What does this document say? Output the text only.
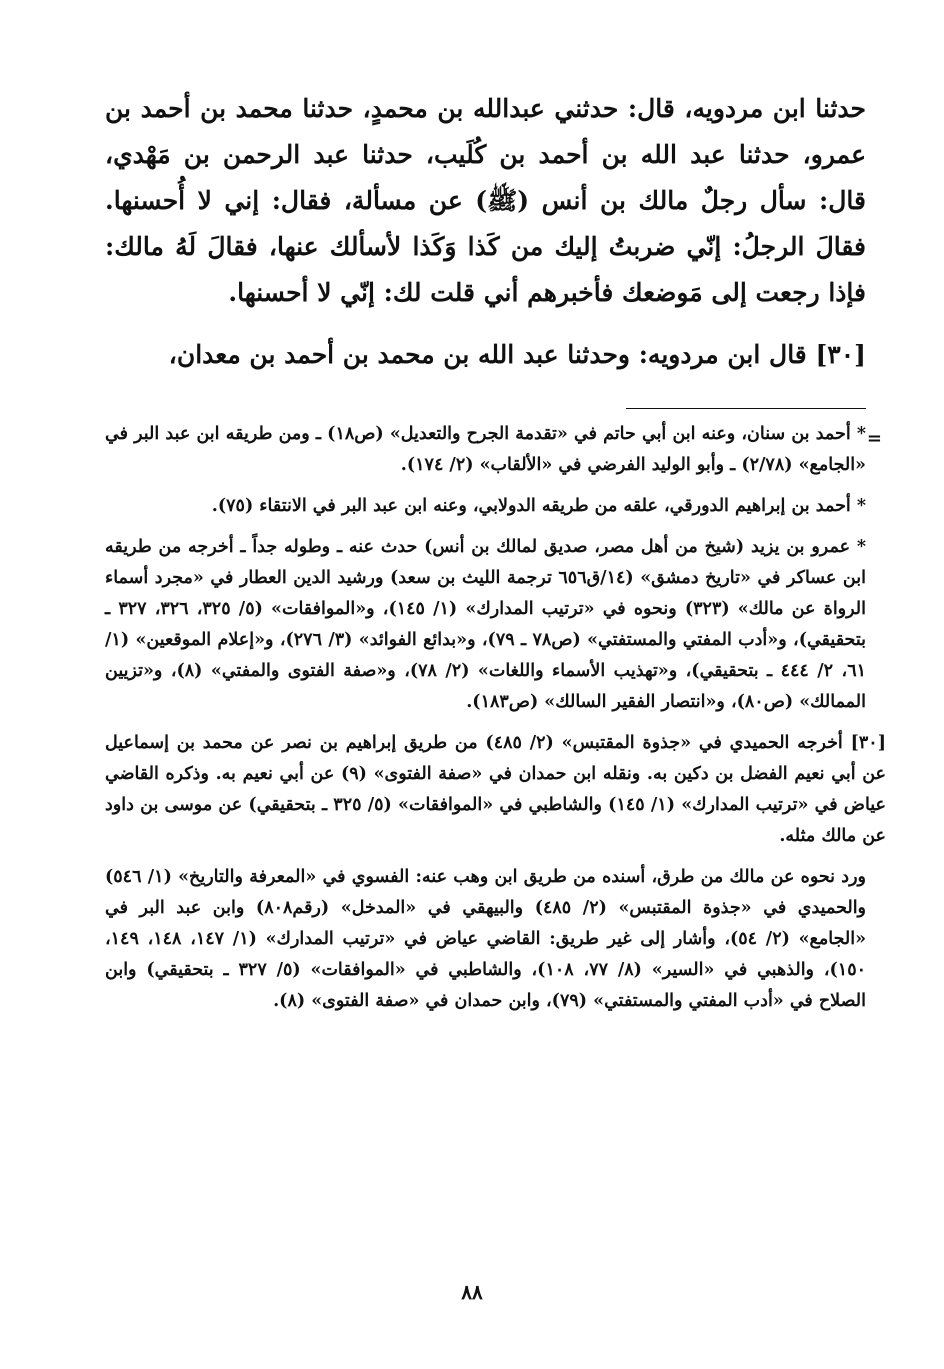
حدثنا ابن مردويه، قال: حدثني عبدالله بن محمدٍ، حدثنا محمد بن أحمد بن عمرو، حدثنا عبد الله بن أحمد بن كُلَيب، حدثنا عبد الرحمن بن مَهْدي، قال: سأل رجلٌ مالك بن أنس (ﷺ) عن مسألة، فقال: إني لا أُحسنها. فقالَ الرجلُ: إنّي ضربتُ إليك من كَذا وَكَذا لأسألك عنها، فقالَ لَهُ مالك: فإذا رجعت إلى مَوضعك فأخبرهم أني قلت لك: إنّي لا أحسنها.

[٣٠] قال ابن مردويه: وحدثنا عبد الله بن محمد بن أحمد بن معدان،

* أحمد بن سنان، وعنه ابن أبي حاتم في «تقدمة الجرح والتعديل» (ص١٨) ـ ومن طريقه ابن عبد البر في «الجامع» (٢/٧٨) ـ وأبو الوليد الفرضي في «الألقاب» (٢/ ١٧٤).

* أحمد بن إبراهيم الدورقي، علقه من طريقه الدولابي، وعنه ابن عبد البر في الانتقاء (٧٥).

* عمرو بن يزيد (شيخ من أهل مصر، صديق لمالك بن أنس) حدث عنه ـ وطوله جداً ـ أخرجه من طريقه ابن عساكر في «تاريخ دمشق» (١٤/ق٦٥٦ ترجمة الليث بن سعد) ورشيد الدين العطار في «مجرد أسماء الرواة عن مالك» (٣٢٣) ونحوه في «ترتيب المدارك» (١/ ١٤٥)، و«الموافقات» (٥/ ٣٢٥، ٣٢٦، ٣٢٧ ـ بتحقيقي)، و«أدب المفتي والمستفتي» (ص٧٨ ـ ٧٩)، و«بدائع الفوائد» (٣/ ٢٧٦)، و«إعلام الموقعين» (١/ ٦١، ٢/ ٤٤٤ ـ بتحقيقي)، و«تهذيب الأسماء واللغات» (٢/ ٧٨)، و«صفة الفتوى والمفتي» (٨)، و«تزيين الممالك» (ص٨٠)، و«انتصار الفقير السالك» (ص١٨٣).

[٣٠] أخرجه الحميدي في «جذوة المقتبس» (٢/ ٤٨٥) من طريق إبراهيم بن نصر عن محمد بن إسماعيل عن أبي نعيم الفضل بن دكين به. ونقله ابن حمدان في «صفة الفتوى» (٩) عن أبي نعيم به. وذكره القاضي عياض في «ترتيب المدارك» (١/ ١٤٥) والشاطبي في «الموافقات» (٥/ ٣٢٥ ـ بتحقيقي) عن موسى بن داود عن مالك مثله.

ورد نحوه عن مالك من طرق، أسنده من طريق ابن وهب عنه: الفسوي في «المعرفة والتاريخ» (١/ ٥٤٦) والحميدي في «جذوة المقتبس» (٢/ ٤٨٥) والبيهقي في «المدخل» (رقم٨٠٨) وابن عبد البر في «الجامع» (٢/ ٥٤)، وأشار إلى غير طريق: القاضي عياض في «ترتيب المدارك» (١/ ١٤٧، ١٤٨، ١٤٩، ١٥٠)، والذهبي في «السير» (٨/ ٧٧، ١٠٨)، والشاطبي في «الموافقات» (٥/ ٣٢٧ ـ بتحقيقي) وابن الصلاح في «أدب المفتي والمستفتي» (٧٩)، وابن حمدان في «صفة الفتوى» (٨).

=
٨٨
